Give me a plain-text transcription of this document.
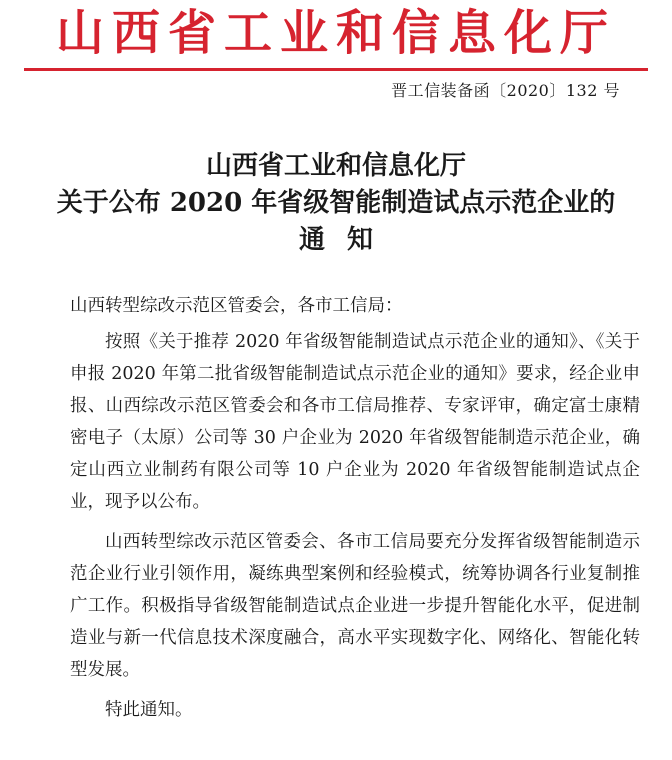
山西省工业和信息化厅
晋工信装备函〔2020〕132 号
山西省工业和信息化厅
关于公布 2020 年省级智能制造试点示范企业的
通知

山西转型综改示范区管委会，各市工信局：

按照《关于推荐 2020 年省级智能制造试点示范企业的通知》、《关于申报 2020 年第二批省级智能制造试点示范企业的通知》要求，经企业申报、山西综改示范区管委会和各市工信局推荐、专家评审，确定富士康精密电子（太原）公司等 30 户企业为 2020 年省级智能制造示范企业，确定山西立业制药有限公司等 10 户企业为 2020 年省级智能制造试点企业，现予以公布。

山西转型综改示范区管委会、各市工信局要充分发挥省级智能制造示范企业行业引领作用，凝练典型案例和经验模式，统筹协调各行业复制推广工作。积极指导省级智能制造试点企业进一步提升智能化水平，促进制造业与新一代信息技术深度融合，高水平实现数字化、网络化、智能化转型发展。

特此通知。
